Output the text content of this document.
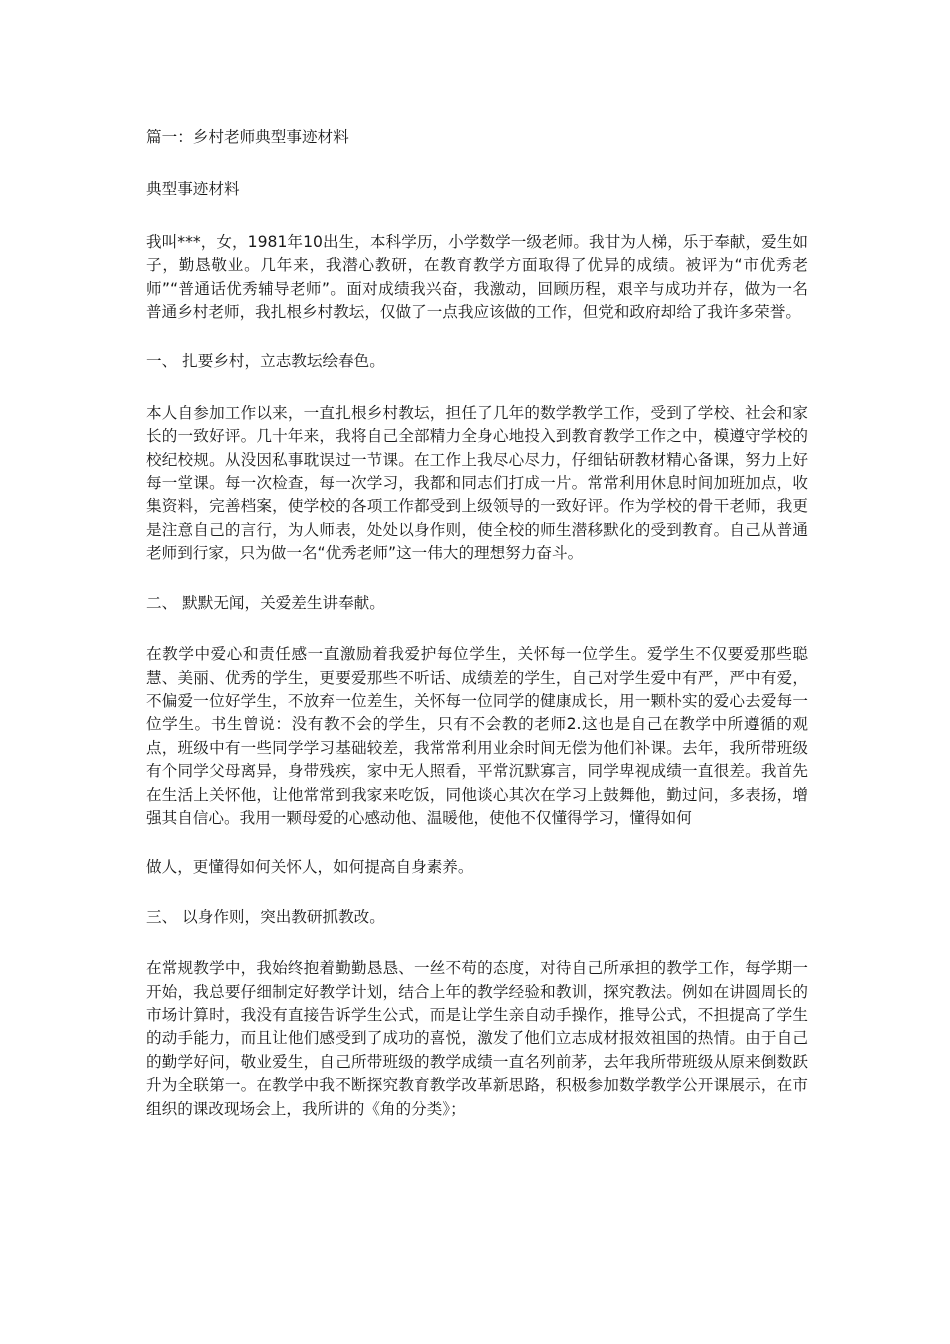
篇一：乡村老师典型事迹材料

典型事迹材料

我叫***，女，1981年10出生，本科学历，小学数学一级老师。我甘为人梯，乐于奉献，爱生如子，勤恳敬业。几年来，我潜心教研，在教育教学方面取得了优异的成绩。被评为“市优秀老师”“普通话优秀辅导老师”。面对成绩我兴奋，我激动，回顾历程，艰辛与成功并存，做为一名普通乡村老师，我扎根乡村教坛，仅做了一点我应该做的工作，但党和政府却给了我许多荣誉。

一、 扎要乡村，立志教坛绘春色。

本人自参加工作以来，一直扎根乡村教坛，担任了几年的数学教学工作，受到了学校、社会和家长的一致好评。几十年来，我将自己全部精力全身心地投入到教育教学工作之中，模遵守学校的校纪校规。从没因私事耽误过一节课。在工作上我尽心尽力，仔细钻研教材精心备课，努力上好每一堂课。每一次检查，每一次学习，我都和同志们打成一片。常常利用休息时间加班加点，收集资料，完善档案，使学校的各项工作都受到上级领导的一致好评。作为学校的骨干老师，我更是注意自己的言行，为人师表，处处以身作则，使全校的师生潜移默化的受到教育。自己从普通老师到行家，只为做一名“优秀老师”这一伟大的理想努力奋斗。

二、 默默无闻，关爱差生讲奉献。

在教学中爱心和责任感一直激励着我爱护每位学生，关怀每一位学生。爱学生不仅要爱那些聪慧、美丽、优秀的学生，更要爱那些不听话、成绩差的学生，自己对学生爱中有严，严中有爱，不偏爱一位好学生，不放弃一位差生，关怀每一位同学的健康成长，用一颗朴实的爱心去爱每一位学生。书生曾说：没有教不会的学生，只有不会教的老师2.这也是自己在教学中所遵循的观点，班级中有一些同学学习基础较差，我常常利用业余时间无偿为他们补课。去年，我所带班级有个同学父母离异，身带残疾，家中无人照看，平常沉默寡言，同学卑视成绩一直很差。我首先在生活上关怀他，让他常常到我家来吃饭，同他谈心其次在学习上鼓舞他，勤过问，多表扬，增强其自信心。我用一颗母爱的心感动他、温暖他，使他不仅懂得学习，懂得如何

做人，更懂得如何关怀人，如何提高自身素养。

三、 以身作则，突出教研抓教改。

在常规教学中，我始终抱着勤勤恳恳、一丝不苟的态度，对待自己所承担的教学工作，每学期一开始，我总要仔细制定好教学计划，结合上年的教学经验和教训，探究教法。例如在讲圆周长的市场计算时，我没有直接告诉学生公式，而是让学生亲自动手操作，推导公式，不担提高了学生的动手能力，而且让他们感受到了成功的喜悦，激发了他们立志成材报效祖国的热情。由于自己的勤学好问，敬业爱生，自己所带班级的教学成绩一直名列前茅，去年我所带班级从原来倒数跃升为全联第一。在教学中我不断探究教育教学改革新思路，积极参加数学教学公开课展示，在市组织的课改现场会上，我所讲的《角的分类》；
